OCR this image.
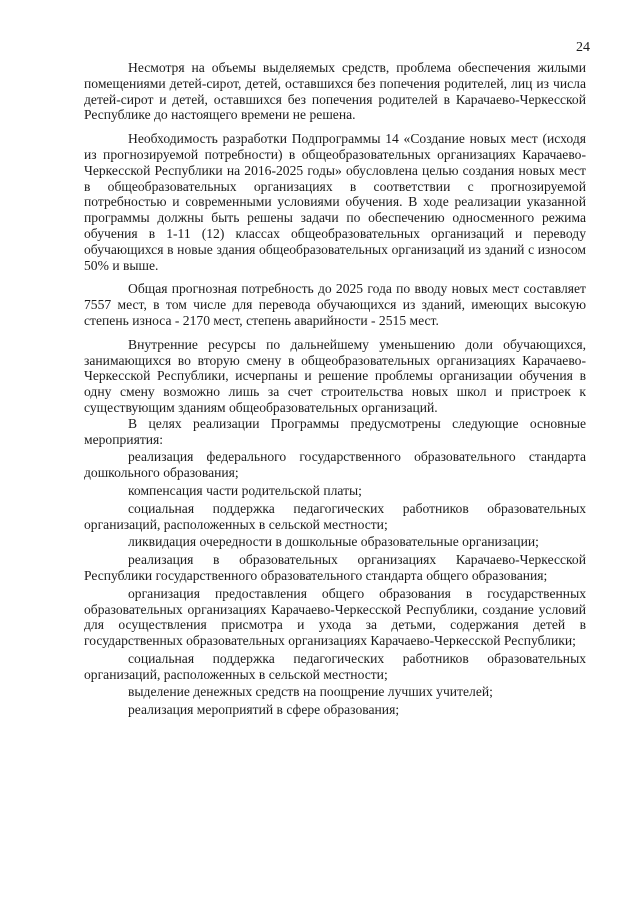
24

Несмотря на объемы выделяемых средств, проблема обеспечения жилыми помещениями детей-сирот, детей, оставшихся без попечения родителей, лиц из числа детей-сирот и детей, оставшихся без попечения родителей в Карачаево-Черкесской Республике до настоящего времени не решена.

Необходимость разработки Подпрограммы 14 «Создание новых мест (исходя из прогнозируемой потребности) в общеобразовательных организациях Карачаево-Черкесской Республики на 2016-2025 годы» обусловлена целью создания новых мест в общеобразовательных организациях в соответствии с прогнозируемой потребностью и современными условиями обучения. В ходе реализации указанной программы должны быть решены задачи по обеспечению односменного режима обучения в 1-11 (12) классах общеобразовательных организаций и переводу обучающихся в новые здания общеобразовательных организаций из зданий с износом 50% и выше.

Общая прогнозная потребность до 2025 года по вводу новых мест составляет 7557 мест, в том числе для перевода обучающихся из зданий, имеющих высокую степень износа - 2170 мест, степень аварийности - 2515 мест.

Внутренние ресурсы по дальнейшему уменьшению доли обучающихся, занимающихся во вторую смену в общеобразовательных организациях Карачаево-Черкесской Республики, исчерпаны и решение проблемы организации обучения в одну смену возможно лишь за счет строительства новых школ и пристроек к существующим зданиям общеобразовательных организаций.

В целях реализации Программы предусмотрены следующие основные мероприятия:

реализация федерального государственного образовательного стандарта дошкольного образования;

компенсация части родительской платы;

социальная поддержка педагогических работников образовательных организаций, расположенных в сельской местности;

ликвидация очередности в дошкольные образовательные организации;

реализация в образовательных организациях Карачаево-Черкесской Республики государственного образовательного стандарта общего образования;

организация предоставления общего образования в государственных образовательных организациях Карачаево-Черкесской Республики, создание условий для осуществления присмотра и ухода за детьми, содержания детей в государственных образовательных организациях Карачаево-Черкесской Республики;

социальная поддержка педагогических работников образовательных организаций, расположенных в сельской местности;

выделение денежных средств на поощрение лучших учителей;

реализация мероприятий в сфере образования;
